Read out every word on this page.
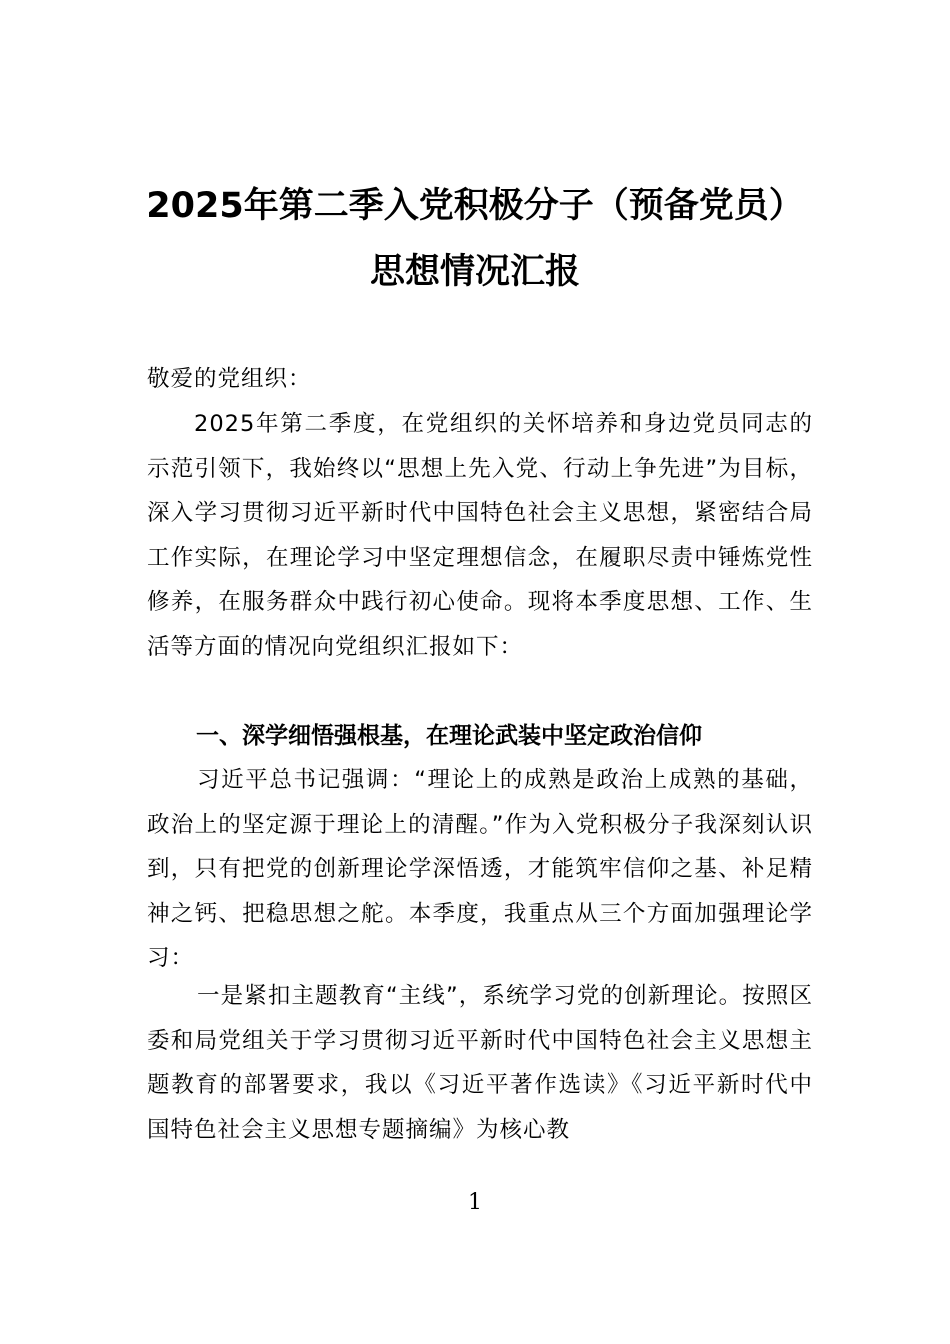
2025年第二季入党积极分子（预备党员）
思想情况汇报
敬爱的党组织：
2025年第二季度，在党组织的关怀培养和身边党员同志的示范引领下，我始终以“思想上先入党、行动上争先进”为目标，深入学习贯彻习近平新时代中国特色社会主义思想，紧密结合局工作实际，在理论学习中坚定理想信念，在履职尽责中锤炼党性修养，在服务群众中践行初心使命。现将本季度思想、工作、生活等方面的情况向党组织汇报如下：
一、深学细悟强根基，在理论武装中坚定政治信仰
习近平总书记强调：“理论上的成熟是政治上成熟的基础，政治上的坚定源于理论上的清醒。”作为入党积极分子我深刻认识到，只有把党的创新理论学深悟透，才能筑牢信仰之基、补足精神之钙、把稳思想之舵。本季度，我重点从三个方面加强理论学习：
一是紧扣主题教育“主线”，系统学习党的创新理论。按照区委和局党组关于学习贯彻习近平新时代中国特色社会主义思想主题教育的部署要求，我以《习近平著作选读》《习近平新时代中国特色社会主义思想专题摘编》为核心教
1
